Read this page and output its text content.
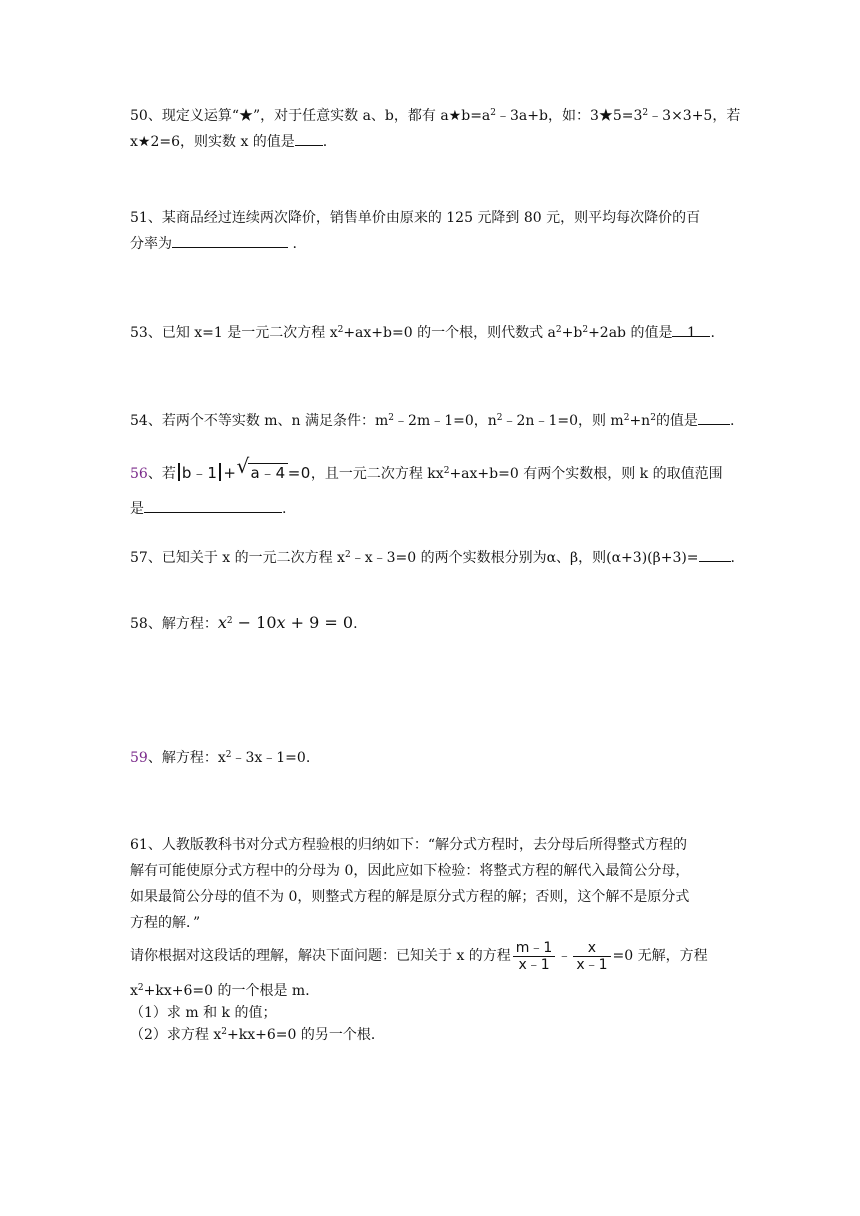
50、现定义运算“★”，对于任意实数 a、b，都有 $a★b=a^2﹣3a+b$，如：$3★5=3^2﹣3\times 3+5$，若
x★2=6，则实数 x 的值是 .
51、某商品经过连续两次降价，销售单价由原来的 125 元降到 80 元，则平均每次降价的百
分率为	.
53、已知 x=1 是一元二次方程 $x^2+ax+b=0$ 的一个根，则代数式 $a^2+b^2+2ab$ 的值是 1 .
54、若两个不等实数 m、n 满足条件：$m^2﹣2m﹣1=0$，$n^2﹣2n﹣1=0$，则 $m^2+n^2$的值是 .
56、若 b﹣1 + √ a﹣4 =0，且一元二次方程 $kx^2+ax+b=0$ 有两个实数根，则 k 的取值范围
是	.
57、已知关于 x 的一元二次方程 $x^2﹣x﹣3=0$ 的两个实数根分别为α、β，则(α+3)(β+3)= .
58、解方程：$x^2 - 10x + 9 = 0$.
59、解方程：$x^2﹣3x﹣1=0$.
61、人教版教科书对分式方程验根的归纳如下：“解分式方程时，去分母后所得整式方程的
解有可能使原分式方程中的分母为 0，因此应如下检验：将整式方程的解代入最简公分母，
如果最简公分母的值不为 0，则整式方程的解是原分式方程的解；否则，这个解不是原分式
方程的解．”
请你根据对这段话的理解，解决下面问题：已知关于 x 的方程 $\frac{m﹣1}{x﹣1}$ ﹣ $\frac{x}{x﹣1} =0$ 无解，方程
$x^2+kx+6=0$ 的一个根是 m．
（1）求 m 和 k 的值；
（2）求方程 $x^2+kx+6=0$ 的另一个根．
